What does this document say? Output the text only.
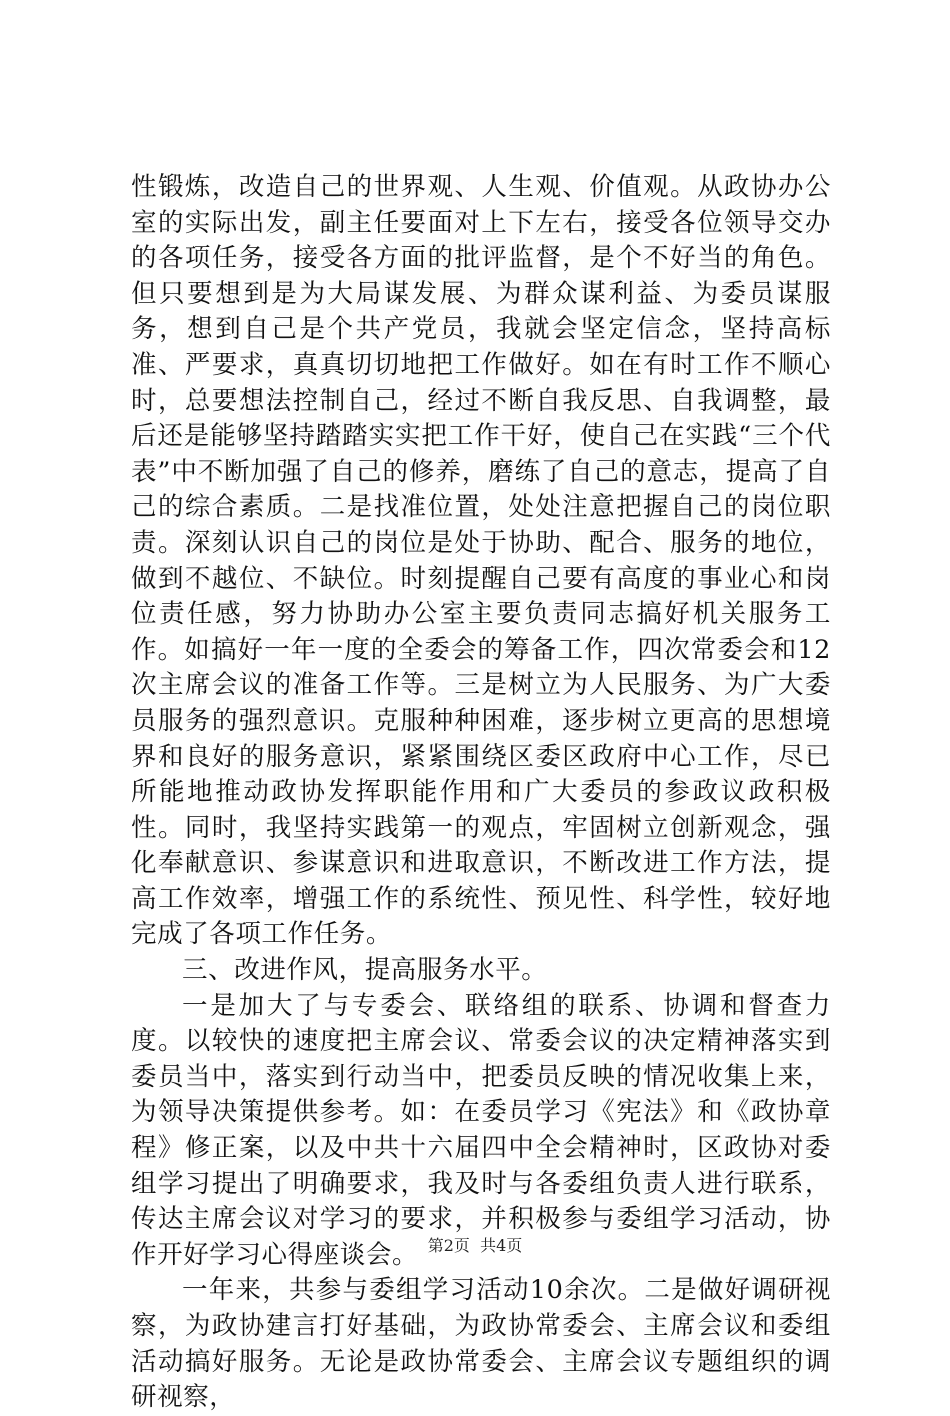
性锻炼，改造自己的世界观、人生观、价值观。从政协办公室的实际出发，副主任要面对上下左右，接受各位领导交办的各项任务，接受各方面的批评监督，是个不好当的角色。但只要想到是为大局谋发展、为群众谋利益、为委员谋服务，想到自己是个共产党员，我就会坚定信念，坚持高标准、严要求，真真切切地把工作做好。如在有时工作不顺心时，总要想法控制自己，经过不断自我反思、自我调整，最后还是能够坚持踏踏实实把工作干好，使自己在实践“三个代表”中不断加强了自己的修养，磨练了自己的意志，提高了自己的综合素质。二是找准位置，处处注意把握自己的岗位职责。深刻认识自己的岗位是处于协助、配合、服务的地位，做到不越位、不缺位。时刻提醒自己要有高度的事业心和岗位责任感，努力协助办公室主要负责同志搞好机关服务工作。如搞好一年一度的全委会的筹备工作，四次常委会和12次主席会议的准备工作等。三是树立为人民服务、为广大委员服务的强烈意识。克服种种困难，逐步树立更高的思想境界和良好的服务意识，紧紧围绕区委区政府中心工作，尽已所能地推动政协发挥职能作用和广大委员的参政议政积极性。同时，我坚持实践第一的观点，牢固树立创新观念，强化奉献意识、参谋意识和进取意识，不断改进工作方法，提高工作效率，增强工作的系统性、预见性、科学性，较好地完成了各项工作任务。

三、改进作风，提高服务水平。

一是加大了与专委会、联络组的联系、协调和督查力度。以较快的速度把主席会议、常委会议的决定精神落实到委员当中，落实到行动当中，把委员反映的情况收集上来，为领导决策提供参考。如：在委员学习《宪法》和《政协章程》修正案，以及中共十六届四中全会精神时，区政协对委组学习提出了明确要求，我及时与各委组负责人进行联系，传达主席会议对学习的要求，并积极参与委组学习活动，协作开好学习心得座谈会。

一年来，共参与委组学习活动10余次。二是做好调研视察，为政协建言打好基础，为政协常委会、主席会议和委组活动搞好服务。无论是政协常委会、主席会议专题组织的调研视察，

第2页  共4页
